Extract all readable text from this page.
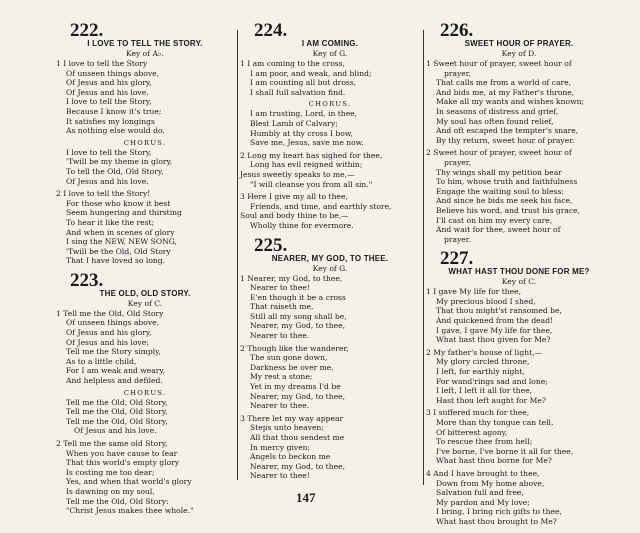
222.
I LOVE TO TELL THE STORY.
Key of A♭.
1 I love to tell the Story
Of unseen things above,
Of Jesus and his glory,
Of Jesus and his love.
I love to tell the Story,
Because I know it's true;
It satisfies my longings
As nothing else would do.
CHORUS.
I love to tell the Story,
'Twill be my theme in glory,
To tell the Old, Old Story,
Of Jesus and his love.
2 I love to tell the Story!
For those who know it best
Seem hungering and thirsting
To hear it like the rest;
And when in scenes of glory
I sing the NEW, NEW SONG,
'Twill be the Old, Old Story
That I have loved so long.
223.
THE OLD, OLD STORY.
Key of C.
1 Tell me the Old, Old Story
Of unseen things above,
Of Jesus and his glory,
Of Jesus and his love;
Tell me the Story simply,
As to a little child,
For I am weak and weary,
And helpless and defiled.
CHORUS.
Tell me the Old, Old Story,
Tell me the Old, Old Story,
Tell me the Old, Old Story,
Of Jesus and his love.
2 Tell me the same old Story,
When you have cause to fear
That this world's empty glory
Is costing me too dear;
Yes, and when that world's glory
Is dawning on my soul,
Tell me the Old, Old Story:
"Christ Jesus makes thee whole."
224.
I AM COMING.
Key of G.
1 I am coming to the cross,
I am poor, and weak, and blind;
I am counting all but dross,
I shall full salvation find.
CHORUS.
I am trusting, Lord, in thee,
Blest Lamb of Calvary;
Humbly at thy cross I bow,
Save me, Jesus, save me now.
2 Long my heart has sighed for thee,
Long has evil reigned within;
Jesus sweetly speaks to me,—
"I will cleanse you from all sin."
3 Here I give my all to thee,
Friends, and time, and earthly store,
Soul and body thine to be,—
Wholly thine for evermore.
225.
NEARER, MY GOD, TO THEE.
Key of G.
1 Nearer, my God, to thee,
Nearer to thee!
E'en though it be a cross
That raiseth me,
Still all my song shall be,
Nearer, my God, to thee,
Nearer to thee.
2 Though like the wanderer,
The sun gone down,
Darkness be over me,
My rest a stone;
Yet in my dreams I'd be
Nearer, my God, to thee,
Nearer to thee.
3 There let my way appear
Steps unto heaven;
All that thou sendest me
In mercy given;
Angels to beckon me
Nearer, my God, to thee,
Nearer to thee!
226.
SWEET HOUR OF PRAYER.
Key of D.
1 Sweet hour of prayer, sweet hour of
prayer,
That calls me from a world of care,
And bids me, at my Father's throne,
Make all my wants and wishes known;
In seasons of distress and grief,
My soul has often found relief,
And oft escaped the tempter's snare,
By thy return, sweet hour of prayer.
2 Sweet hour of prayer, sweet hour of
prayer,
Thy wings shall my petition bear
To him, whose truth and faithfulness
Engage the waiting soul to bless:
And since he bids me seek his face,
Believe his word, and trust his grace,
I'll cast on him my every care,
And wait for thee, sweet hour of
prayer.
227.
WHAT HAST THOU DONE FOR ME?
Key of C.
1 I gave My life for thee,
My precious blood I shed,
That thou might'st ransomed be,
And quickened from the dead!
I gave, I gave My life for thee,
What hast thou given for Me?
2 My father's house of light,—
My glory circled throne,
I left, for earthly night,
For wand'rings sad and lone;
I left, I left it all for thee,
Hast thou left aught for Me?
3 I suffered much for thee,
More than thy tongue can tell,
Of bitterest agony,
To rescue thee from hell;
I've borne, I've borne it all for thee,
What hast thou borne for Me?
4 And I have brought to thee,
Down from My home above,
Salvation full and free,
My pardon and My love;
I bring, I bring rich gifts to thee,
What hast thou brought to Me?
147
